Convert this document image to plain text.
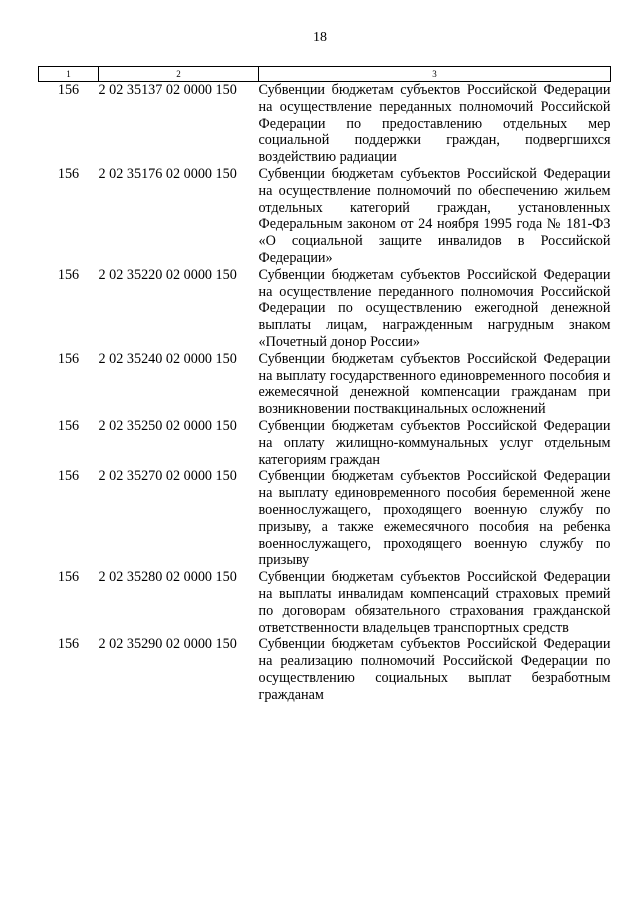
18
1	2	3
156	2 02 35137 02 0000 150	Субвенции бюджетам субъектов Российской Федерации на осуществление переданных полномочий Российской Федерации по предоставлению отдельных мер социальной поддержки граждан, подвергшихся воздействию радиации
156	2 02 35176 02 0000 150	Субвенции бюджетам субъектов Российской Федерации на осуществление полномочий по обеспечению жильем отдельных категорий граждан, установленных Федеральным законом от 24 ноября 1995 года № 181-ФЗ «О социальной защите инвалидов в Российской Федерации»
156	2 02 35220 02 0000 150	Субвенции бюджетам субъектов Российской Федерации на осуществление переданного полномочия Российской Федерации по осуществлению ежегодной денежной выплаты лицам, награжденным нагрудным знаком «Почетный донор России»
156	2 02 35240 02 0000 150	Субвенции бюджетам субъектов Российской Федерации на выплату государственного единовременного пособия и ежемесячной денежной компенсации гражданам при возникновении поствакцинальных осложнений
156	2 02 35250 02 0000 150	Субвенции бюджетам субъектов Российской Федерации на оплату жилищно-коммунальных услуг отдельным категориям граждан
156	2 02 35270 02 0000 150	Субвенции бюджетам субъектов Российской Федерации на выплату единовременного пособия беременной жене военнослужащего, проходящего военную службу по призыву, а также ежемесячного пособия на ребенка военнослужащего, проходящего военную службу по призыву
156	2 02 35280 02 0000 150	Субвенции бюджетам субъектов Российской Федерации на выплаты инвалидам компенсаций страховых премий по договорам обязательного страхования гражданской ответственности владельцев транспортных средств
156	2 02 35290 02 0000 150	Субвенции бюджетам субъектов Российской Федерации на реализацию полномочий Российской Федерации по осуществлению социальных выплат безработным гражданам
